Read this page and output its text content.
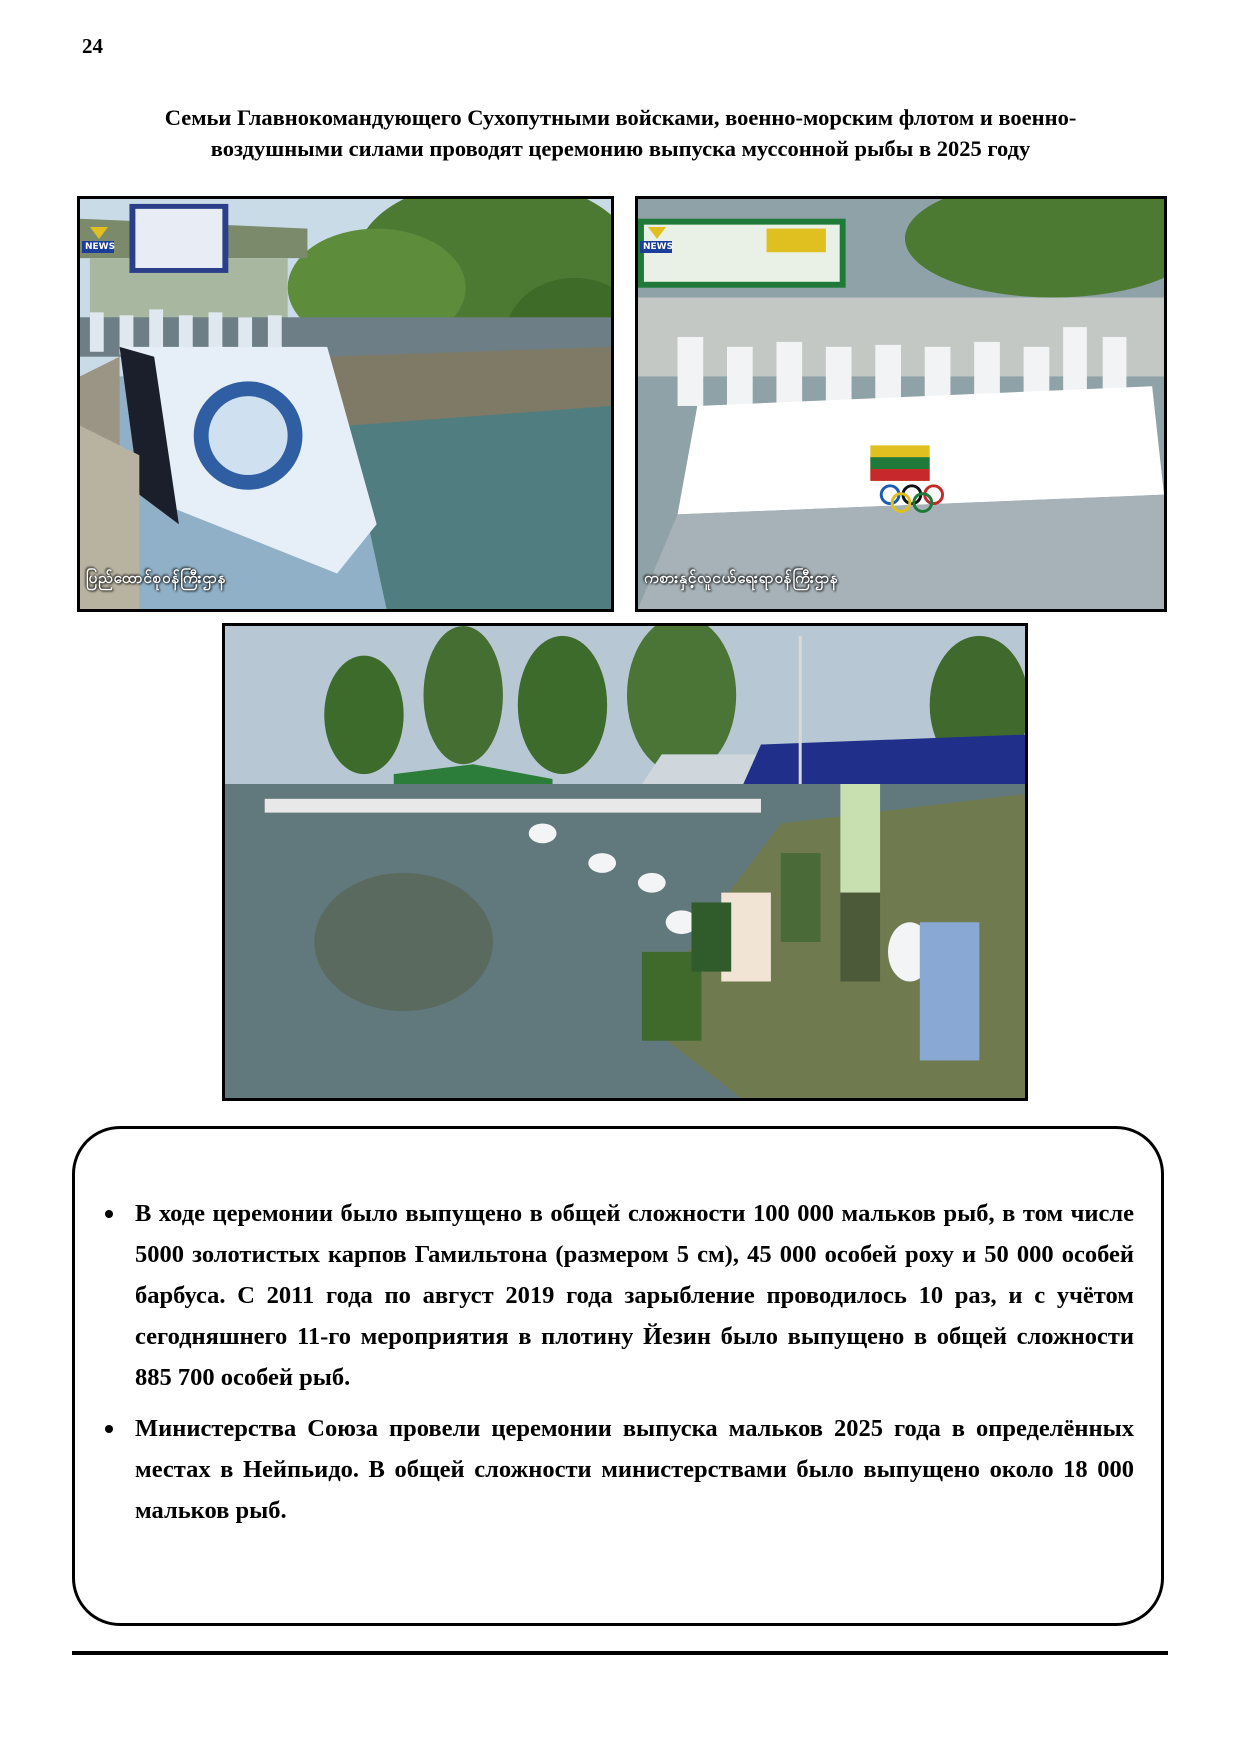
24
Семьи Главнокомандующего Сухопутными войсками, военно-морским флотом и военно-
воздушными силами проводят церемонию выпуска муссонной рыбы в 2025 году
NEWS
ပြည်ထောင်စုဝန်ကြီးဌာန
NEWS
ကစားနှင့်လူငယ်ရေးရာဝန်ကြီးဌာန
В ходе церемонии было выпущено в общей сложности 100 000 мальков рыб, в том числе 5000 золотистых карпов Гамильтона (размером 5 см), 45 000 особей роху и 50 000 особей барбуса. С 2011 года по август 2019 года зарыбление проводилось 10 раз, и с учётом сегодняшнего 11-го мероприятия в плотину Йезин было выпущено в общей сложности 885 700 особей рыб.
Министерства Союза провели церемонии выпуска мальков 2025 года в определённых местах в Нейпьидо. В общей сложности министерствами было выпущено около 18 000 мальков рыб.
